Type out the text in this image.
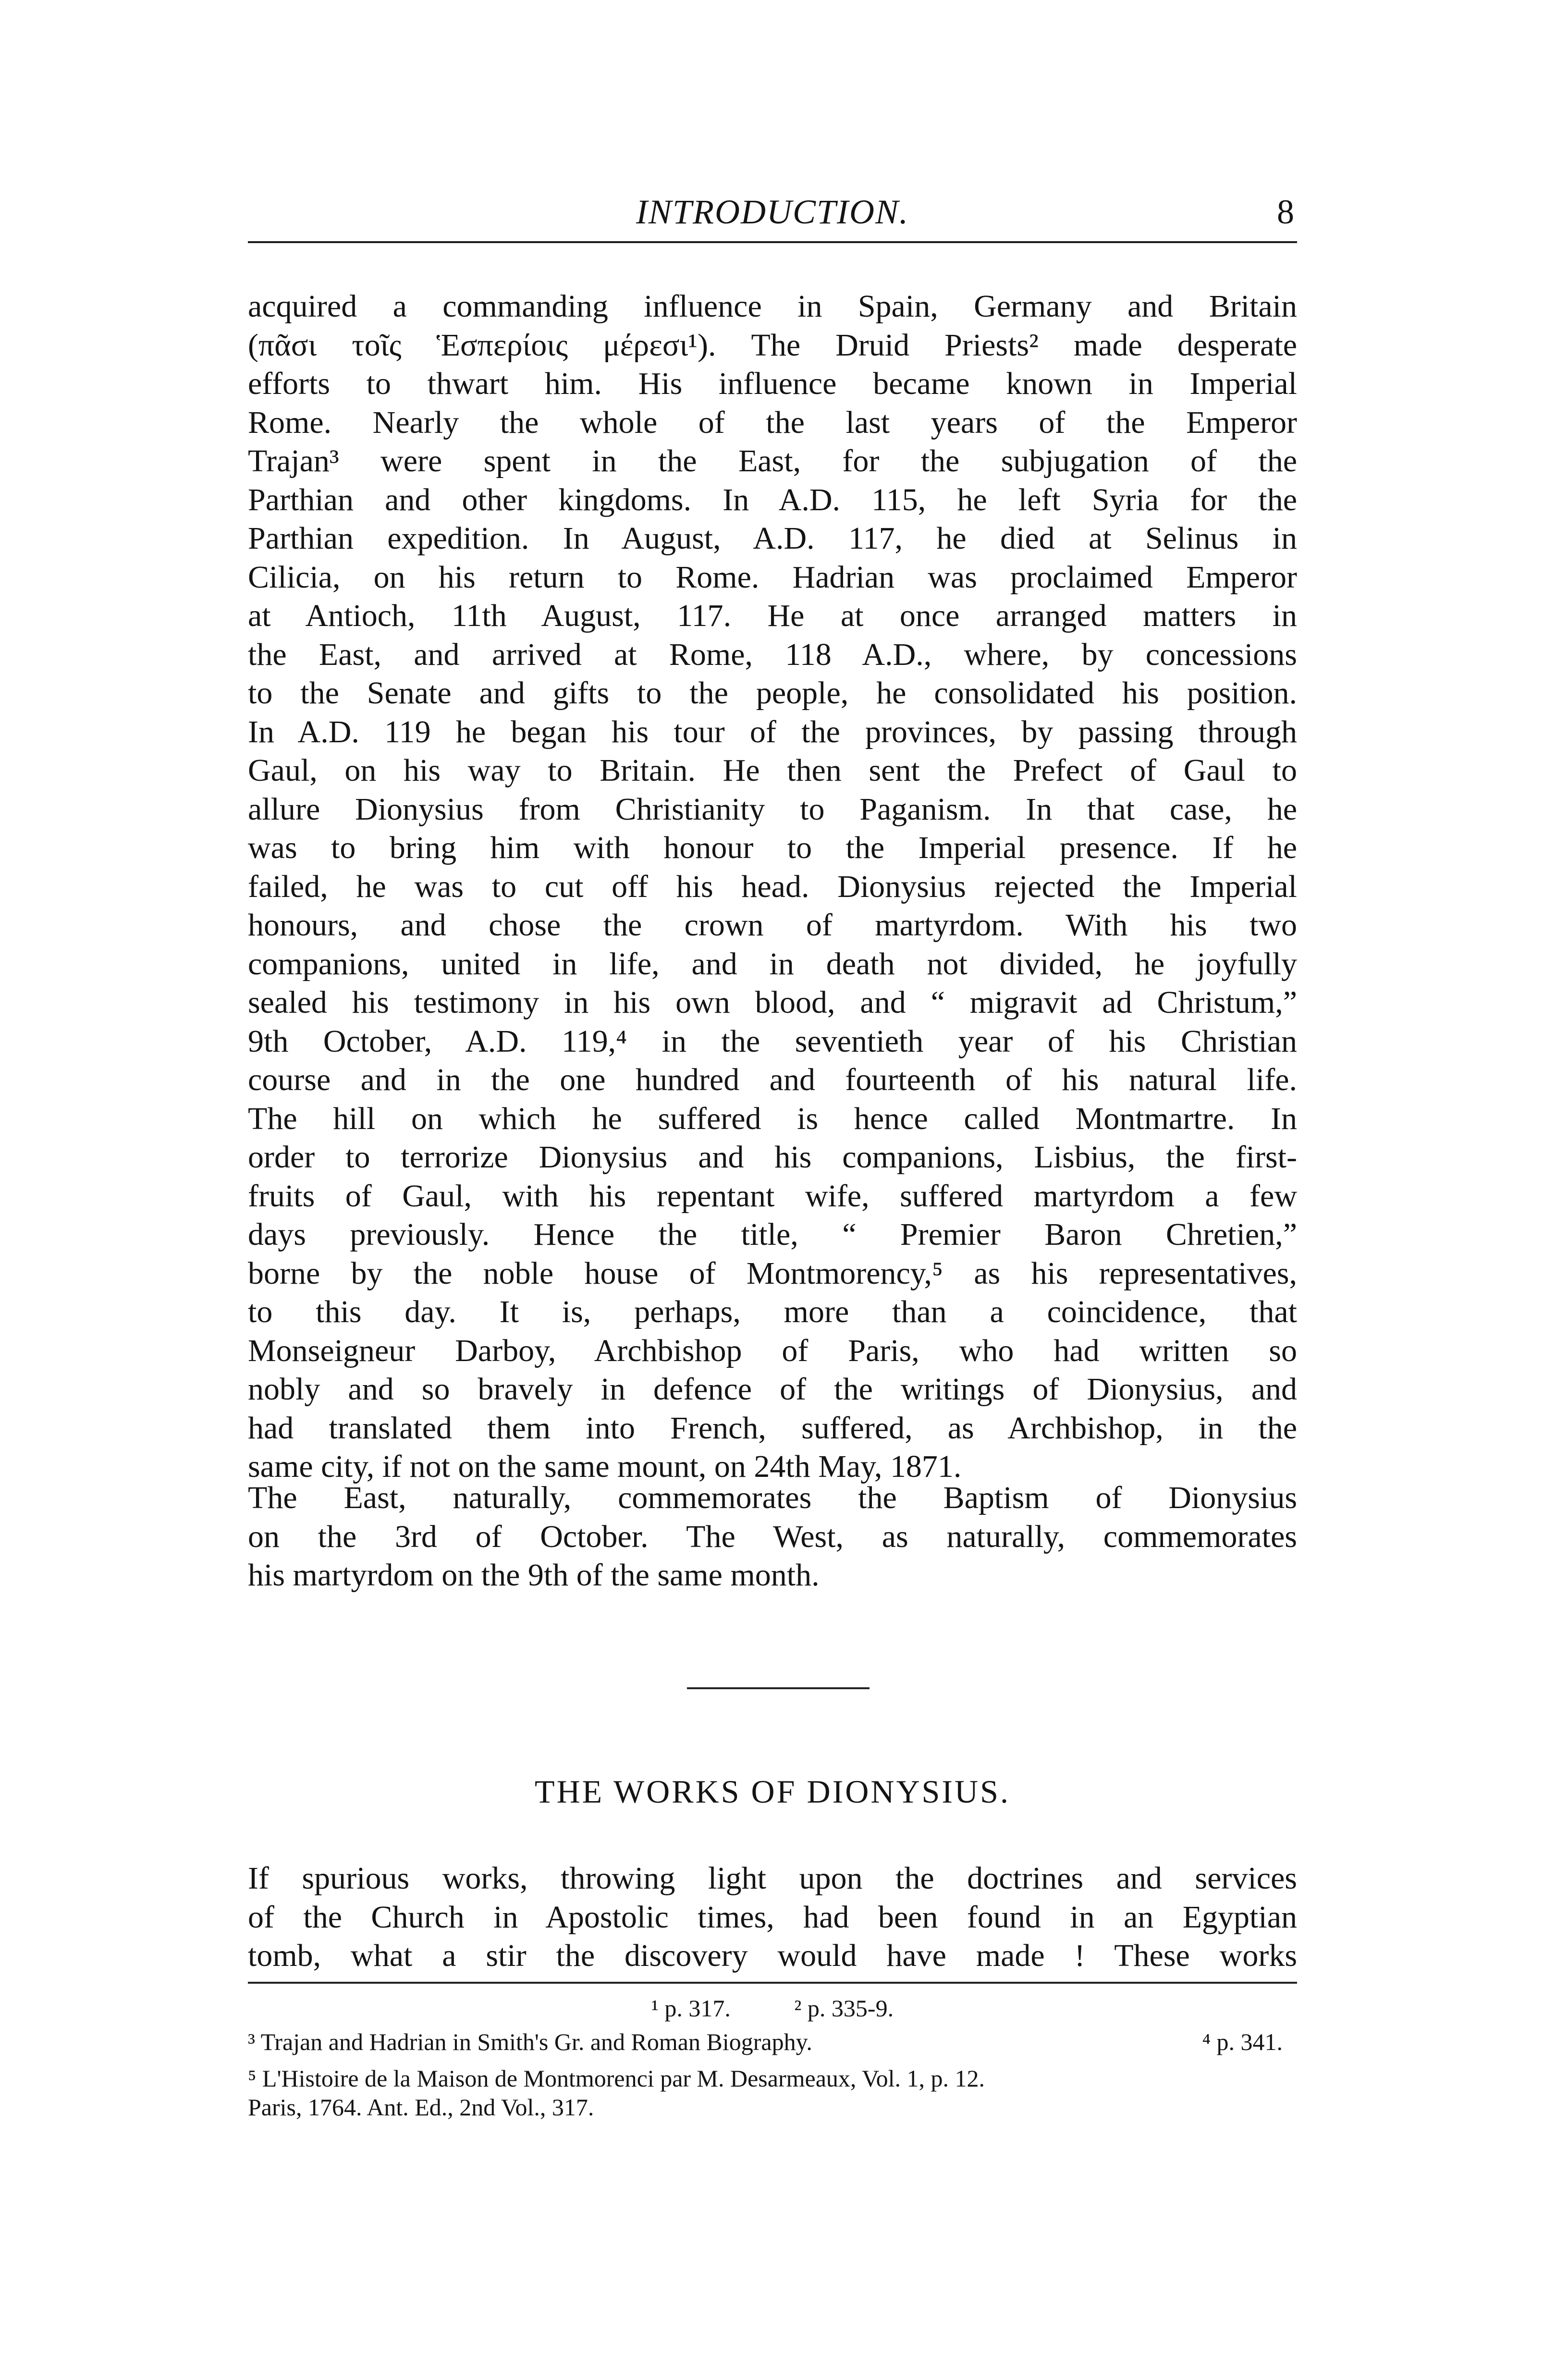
INTRODUCTION.	8
acquired a commanding influence in Spain, Germany and Britain
(πᾶσι τοῖς Ἑσπερίοις μέρεσι¹). The Druid Priests² made desperate
efforts to thwart him. His influence became known in Imperial
Rome. Nearly the whole of the last years of the Emperor
Trajan³ were spent in the East, for the subjugation of the
Parthian and other kingdoms. In A.D. 115, he left Syria for the
Parthian expedition. In August, A.D. 117, he died at Selinus in
Cilicia, on his return to Rome. Hadrian was proclaimed Emperor
at Antioch, 11th August, 117. He at once arranged matters in
the East, and arrived at Rome, 118 A.D., where, by concessions
to the Senate and gifts to the people, he consolidated his position.
In A.D. 119 he began his tour of the provinces, by passing through
Gaul, on his way to Britain. He then sent the Prefect of Gaul to
allure Dionysius from Christianity to Paganism. In that case, he
was to bring him with honour to the Imperial presence. If he
failed, he was to cut off his head. Dionysius rejected the Imperial
honours, and chose the crown of martyrdom. With his two
companions, united in life, and in death not divided, he joyfully
sealed his testimony in his own blood, and “ migravit ad Christum,”
9th October, A.D. 119,⁴ in the seventieth year of his Christian
course and in the one hundred and fourteenth of his natural life.
The hill on which he suffered is hence called Montmartre. In
order to terrorize Dionysius and his companions, Lisbius, the first-
fruits of Gaul, with his repentant wife, suffered martyrdom a few
days previously. Hence the title, “ Premier Baron Chretien,”
borne by the noble house of Montmorency,⁵ as his representatives,
to this day. It is, perhaps, more than a coincidence, that
Monseigneur Darboy, Archbishop of Paris, who had written so
nobly and so bravely in defence of the writings of Dionysius, and
had translated them into French, suffered, as Archbishop, in the
same city, if not on the same mount, on 24th May, 1871.
The East, naturally, commemorates the Baptism of Dionysius
on the 3rd of October. The West, as naturally, commemorates
his martyrdom on the 9th of the same month.
THE WORKS OF DIONYSIUS.
If spurious works, throwing light upon the doctrines and services
of the Church in Apostolic times, had been found in an Egyptian
tomb, what a stir the discovery would have made ! These works
¹ p. 317.	² p. 335-9.
³ Trajan and Hadrian in Smith's Gr. and Roman Biography.	⁴ p. 341.
⁵ L'Histoire de la Maison de Montmorenci par M. Desarmeaux, Vol. 1, p. 12.
Paris, 1764. Ant. Ed., 2nd Vol., 317.
